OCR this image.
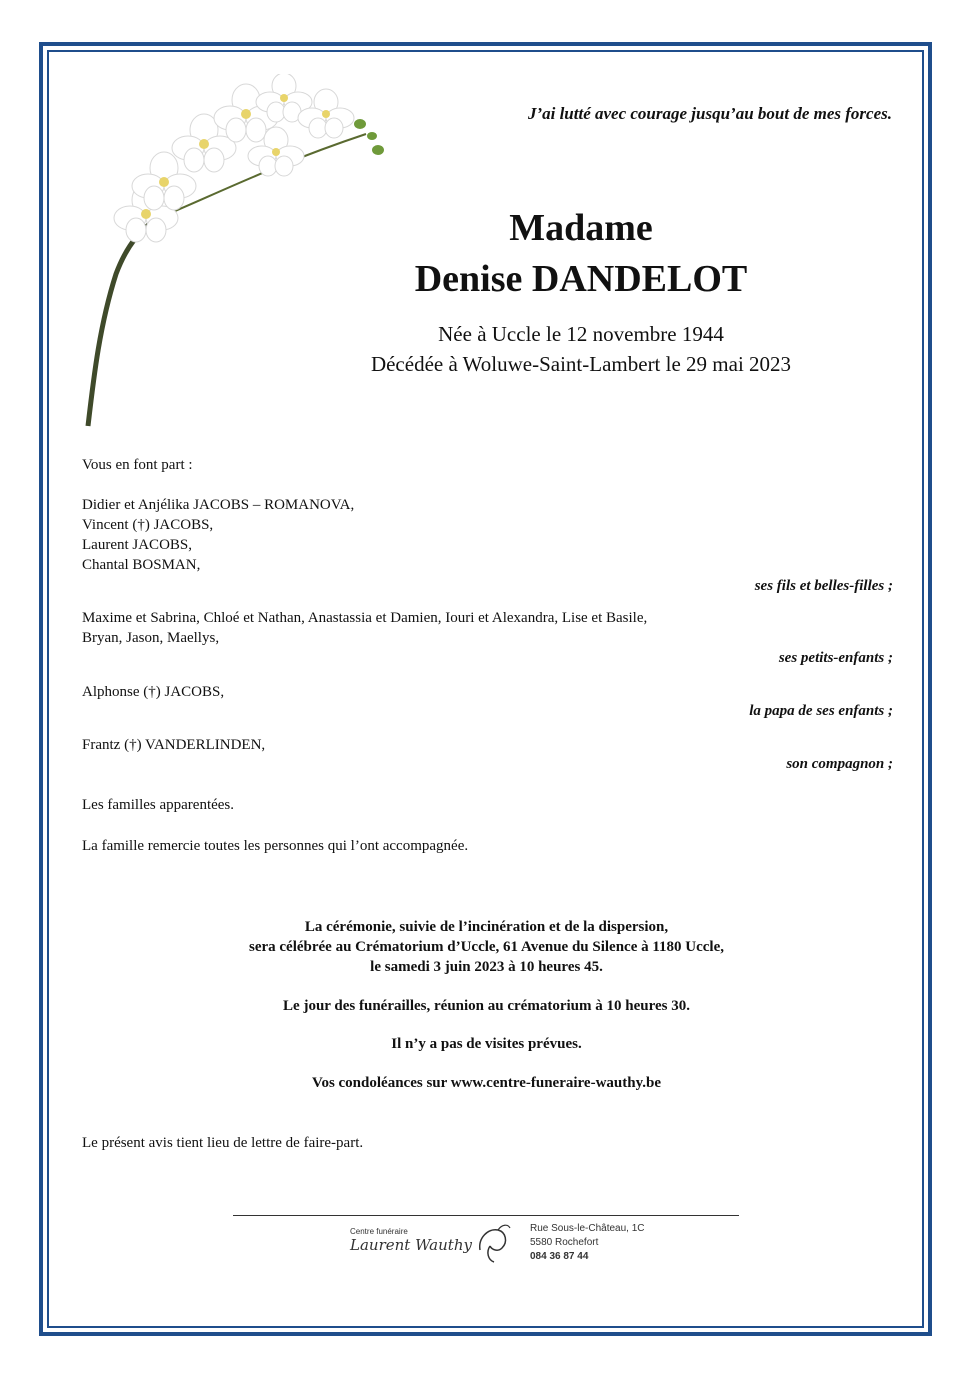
J’ai lutté avec courage jusqu’au bout de mes forces.
Madame
Denise DANDELOT
Née à Uccle le 12 novembre 1944
Décédée à Woluwe-Saint-Lambert le 29 mai 2023
Vous en font part :
Didier et Anjélika JACOBS – ROMANOVA,
Vincent (†) JACOBS,
Laurent JACOBS,
Chantal BOSMAN,
ses fils et belles-filles ;
Maxime et Sabrina, Chloé et Nathan, Anastassia et Damien, Iouri et Alexandra, Lise et Basile,
Bryan, Jason, Maellys,
ses petits-enfants ;
Alphonse (†) JACOBS,
la papa de ses enfants ;
Frantz (†) VANDERLINDEN,
son compagnon ;
Les familles apparentées.
La famille remercie toutes les personnes qui l’ont accompagnée.
La cérémonie, suivie de l’incinération et de la dispersion,
sera célébrée au Crématorium d’Uccle, 61 Avenue du Silence à 1180 Uccle,
le samedi 3 juin 2023 à 10 heures 45.
Le jour des funérailles, réunion au crématorium à 10 heures 30.
Il n’y a pas de visites prévues.
Vos condoléances sur www.centre-funeraire-wauthy.be
Le présent avis tient lieu de lettre de faire-part.
Centre funéraire
Laurent Wauthy
Rue Sous-le-Château, 1C
5580 Rochefort
084 36 87 44
